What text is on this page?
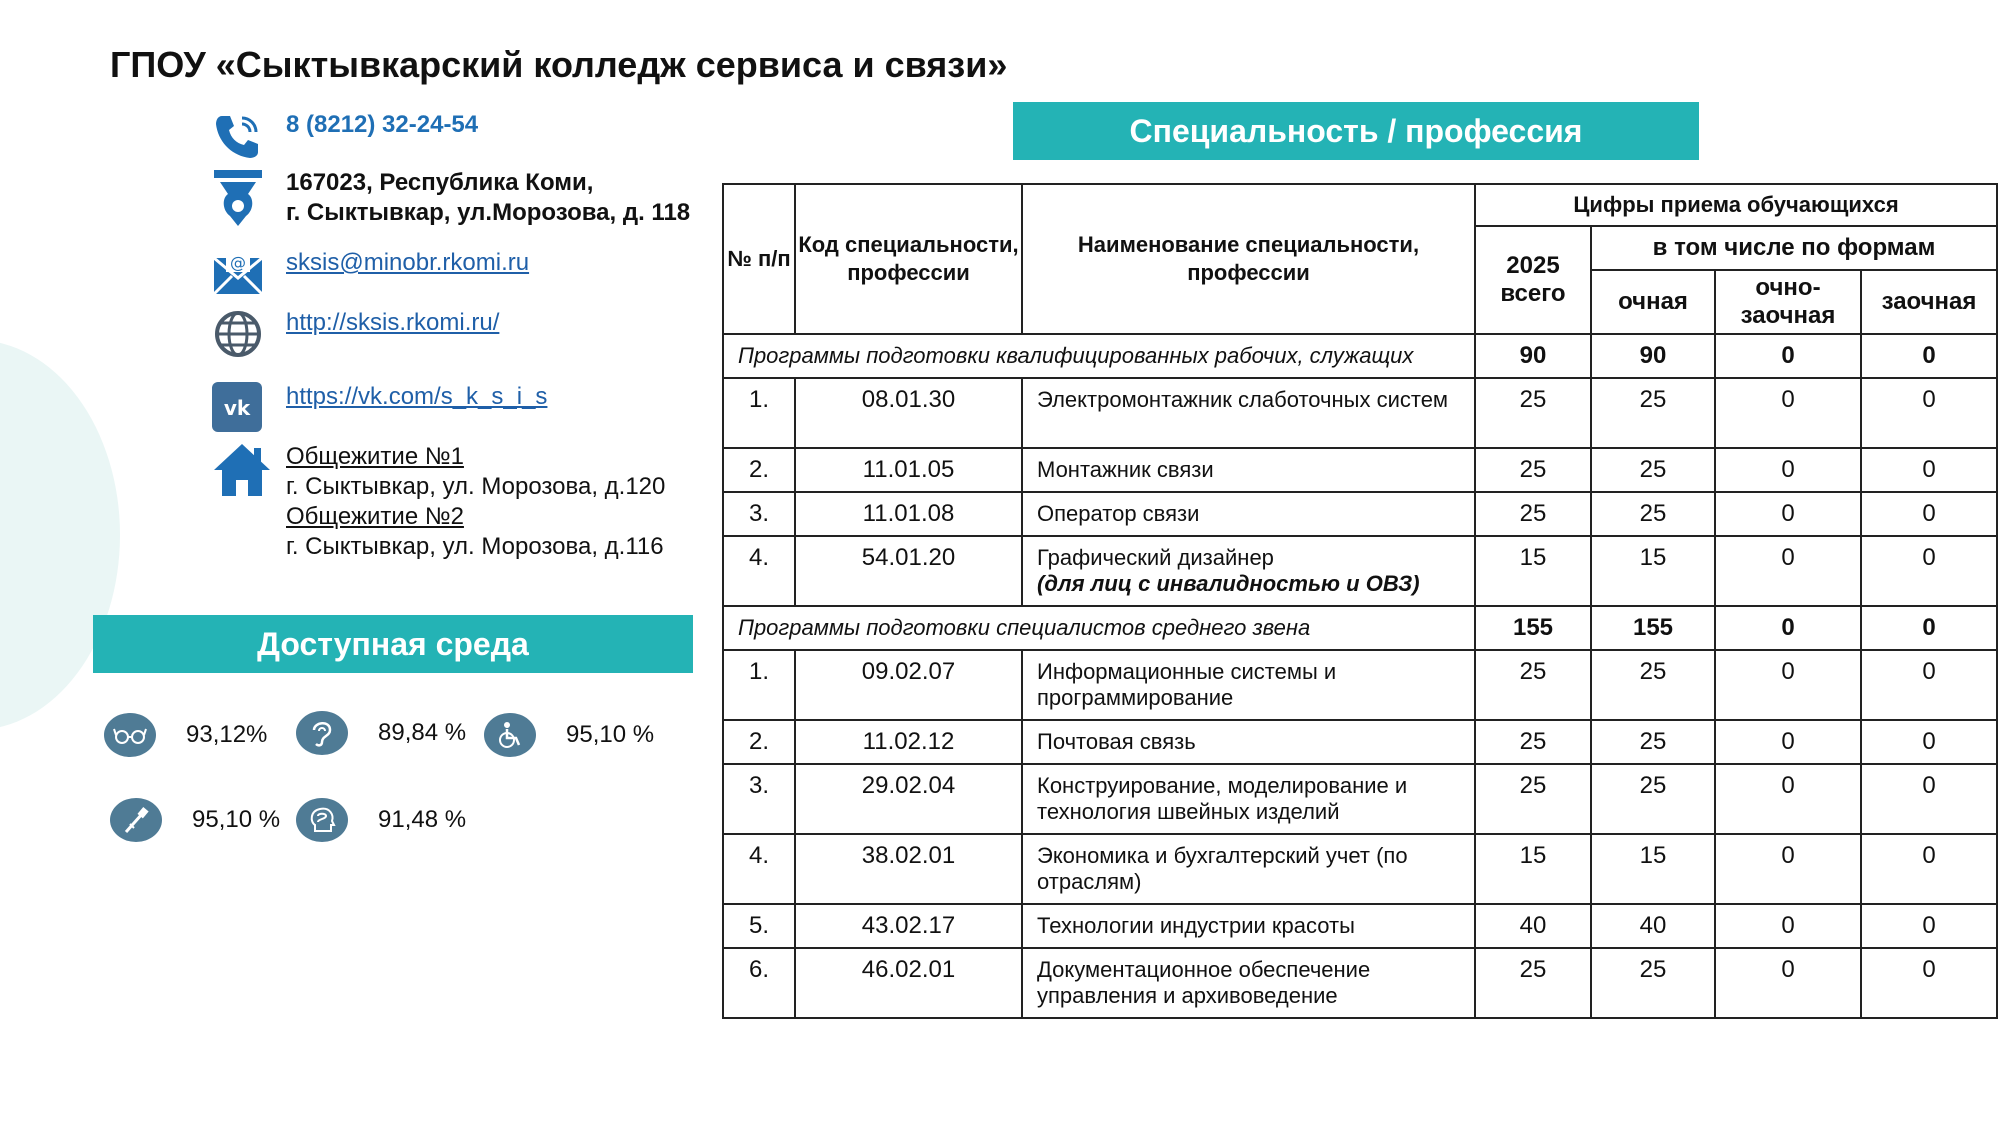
ГПОУ «Сыктывкарский колледж сервиса и связи»
8 (8212) 32-24-54
167023, Республика Коми,
г. Сыктывкар, ул.Морозова, д. 118
@ sksis@minobr.rkomi.ru
http://sksis.rkomi.ru/
vk https://vk.com/s_k_s_i_s
Общежитие №1
г. Сыктывкар, ул. Морозова, д.120
Общежитие №2
г. Сыктывкар, ул. Морозова, д.116
Доступная среда
93,12%	89,84 %	95,10 %
95,10 %	91,48 %
Специальность / профессия
№ п/п	Код специальности, профессии	Наименование специальности, профессии	Цифры приема обучающихся			
			2025 всего	в том числе по формам		
				очная	очно-заочная	заочная
Программы подготовки квалифицированных рабочих, служащих			90	90	0	0
1.	08.01.30	Электромонтажник слаботочных систем	25	25	0	0
2.	11.01.05	Монтажник связи	25	25	0	0
3.	11.01.08	Оператор связи	25	25	0	0
4.	54.01.20	Графический дизайнер
(для лиц с инвалидностью и ОВЗ)	15	15	0	0
Программы подготовки специалистов среднего звена			155	155	0	0
1.	09.02.07	Информационные системы и программирование	25	25	0	0
2.	11.02.12	Почтовая связь	25	25	0	0
3.	29.02.04	Конструирование, моделирование и технология швейных изделий	25	25	0	0
4.	38.02.01	Экономика и бухгалтерский учет (по отраслям)	15	15	0	0
5.	43.02.17	Технологии индустрии красоты	40	40	0	0
6.	46.02.01	Документационное обеспечение управления и архивоведение	25	25	0	0
